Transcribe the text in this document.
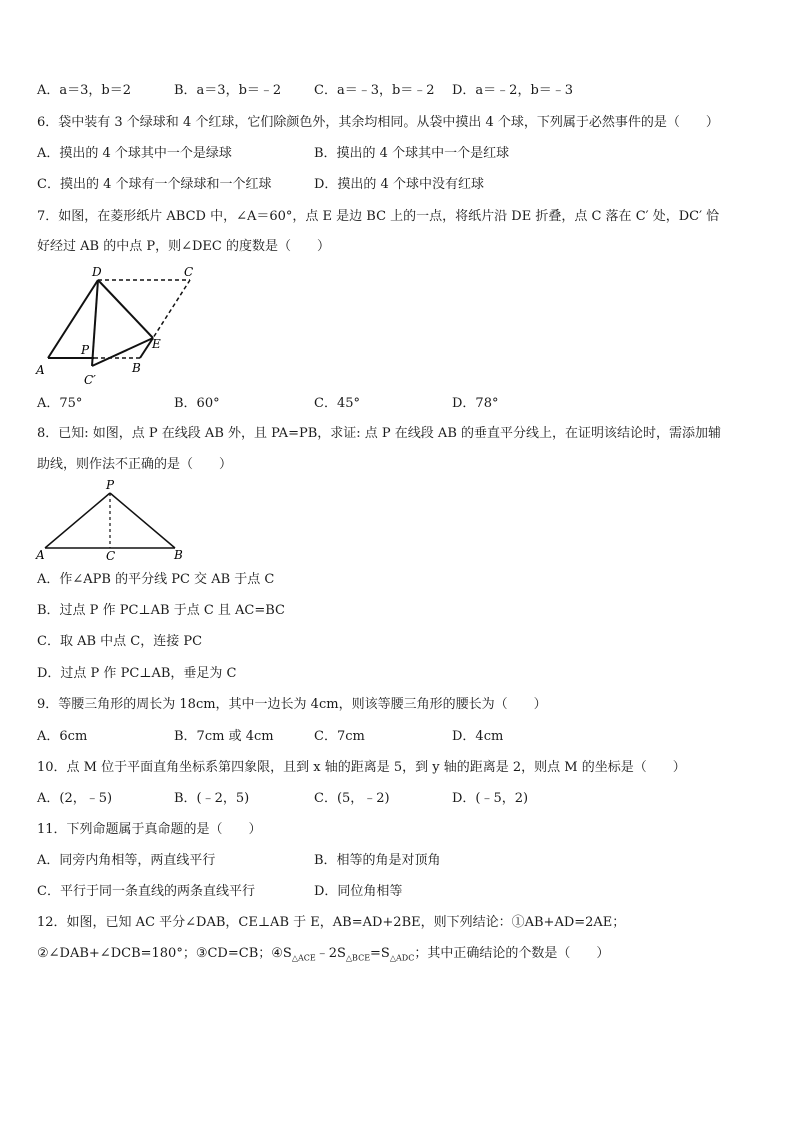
A．a＝3，b＝2	B．a＝3，b＝﹣2	C．a＝﹣3，b＝﹣2 D．a＝﹣2，b＝﹣3
6．袋中装有 3 个绿球和 4 个红球，它们除颜色外，其余均相同。从袋中摸出 4 个球，下列属于必然事件的是（　　）
A．摸出的 4 个球其中一个是绿球	B．摸出的 4 个球其中一个是红球
C．摸出的 4 个球有一个绿球和一个红球	D．摸出的 4 个球中没有红球
7．如图，在菱形纸片 ABCD 中，∠A＝60°，点 E 是边 BC 上的一点，将纸片沿 DE 折叠，点 C 落在 C′ 处，DC′ 恰
好经过 AB 的中点 P，则∠DEC 的度数是（　　）
A	B
C
D
E
P
C′
A．75°	B．60°	C．45°	D．78°
8．已知: 如图，点 P 在线段 AB 外，且 PA=PB，求证: 点 P 在线段 AB 的垂直平分线上，在证明该结论时，需添加辅
助线，则作法不正确的是（　　）
P
A	B
C
A．作∠APB 的平分线 PC 交 AB 于点 C
B．过点 P 作 PC⊥AB 于点 C 且 AC=BC
C．取 AB 中点 C，连接 PC
D．过点 P 作 PC⊥AB，垂足为 C
9．等腰三角形的周长为 18cm，其中一边长为 4cm，则该等腰三角形的腰长为（　　）
A．6cm	B．7cm 或 4cm	C．7cm	D．4cm
10．点 M 位于平面直角坐标系第四象限，且到 x 轴的距离是 5，到 y 轴的距离是 2，则点 M 的坐标是（　　）
A．(2，﹣5)	B．(﹣2，5)	C．(5，﹣2)	D．(﹣5，2)
11．下列命题属于真命题的是（　　）
A．同旁内角相等，两直线平行	B．相等的角是对顶角
C．平行于同一条直线的两条直线平行	D．同位角相等
12．如图，已知 AC 平分∠DAB，CE⊥AB 于 E，AB=AD+2BE，则下列结论：①AB+AD=2AE；
②∠DAB+∠DCB=180°；③CD=CB；$④S_{\triangle ACE}﹣2S_{\triangle BCE}=S_{\triangle ADC}$；其中正确结论的个数是（　　）
